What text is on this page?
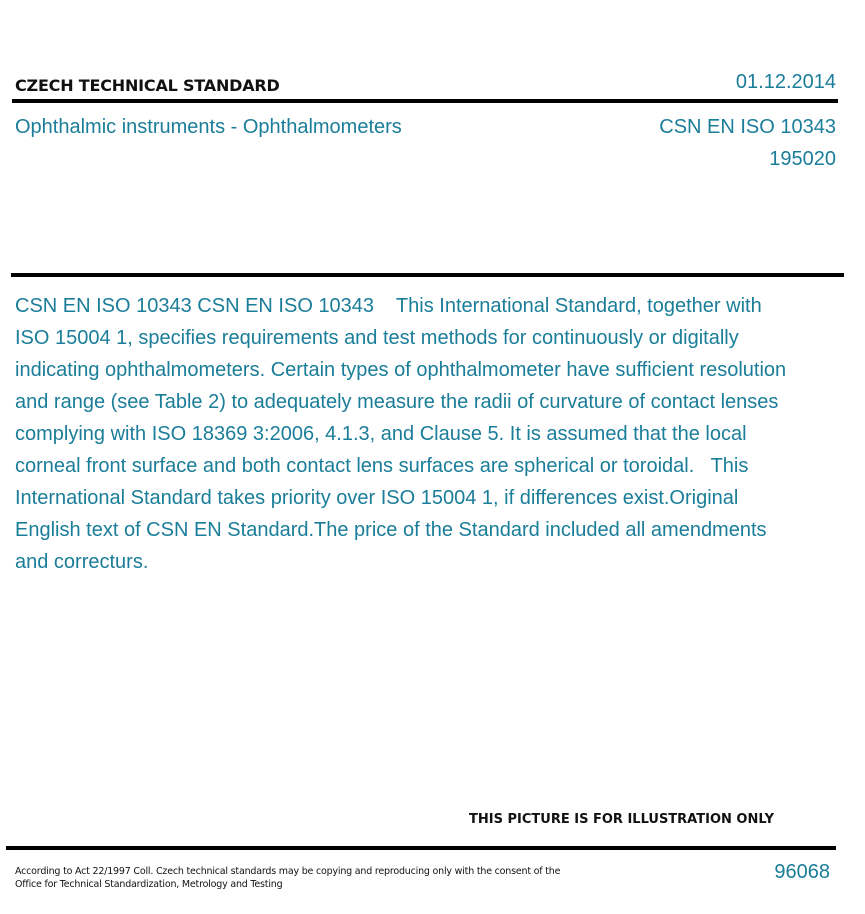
CZECH TECHNICAL STANDARD	01.12.2014
Ophthalmic instruments - Ophthalmometers	CSN EN ISO 10343
195020
CSN EN ISO 10343 CSN EN ISO 10343    This International Standard, together with ISO 15004 1, specifies requirements and test methods for continuously or digitally indicating ophthalmometers. Certain types of ophthalmometer have sufficient resolution and range (see Table 2) to adequately measure the radii of curvature of contact lenses complying with ISO 18369 3:2006, 4.1.3, and Clause 5. It is assumed that the local corneal front surface and both contact lens surfaces are spherical or toroidal.   This International Standard takes priority over ISO 15004 1, if differences exist.Original English text of CSN EN Standard.The price of the Standard included all amendments and correcturs.
THIS PICTURE IS FOR ILLUSTRATION ONLY
According to Act 22/1997 Coll. Czech technical standards may be copying and reproducing only with the consent of the Office for Technical Standardization, Metrology and Testing
96068
